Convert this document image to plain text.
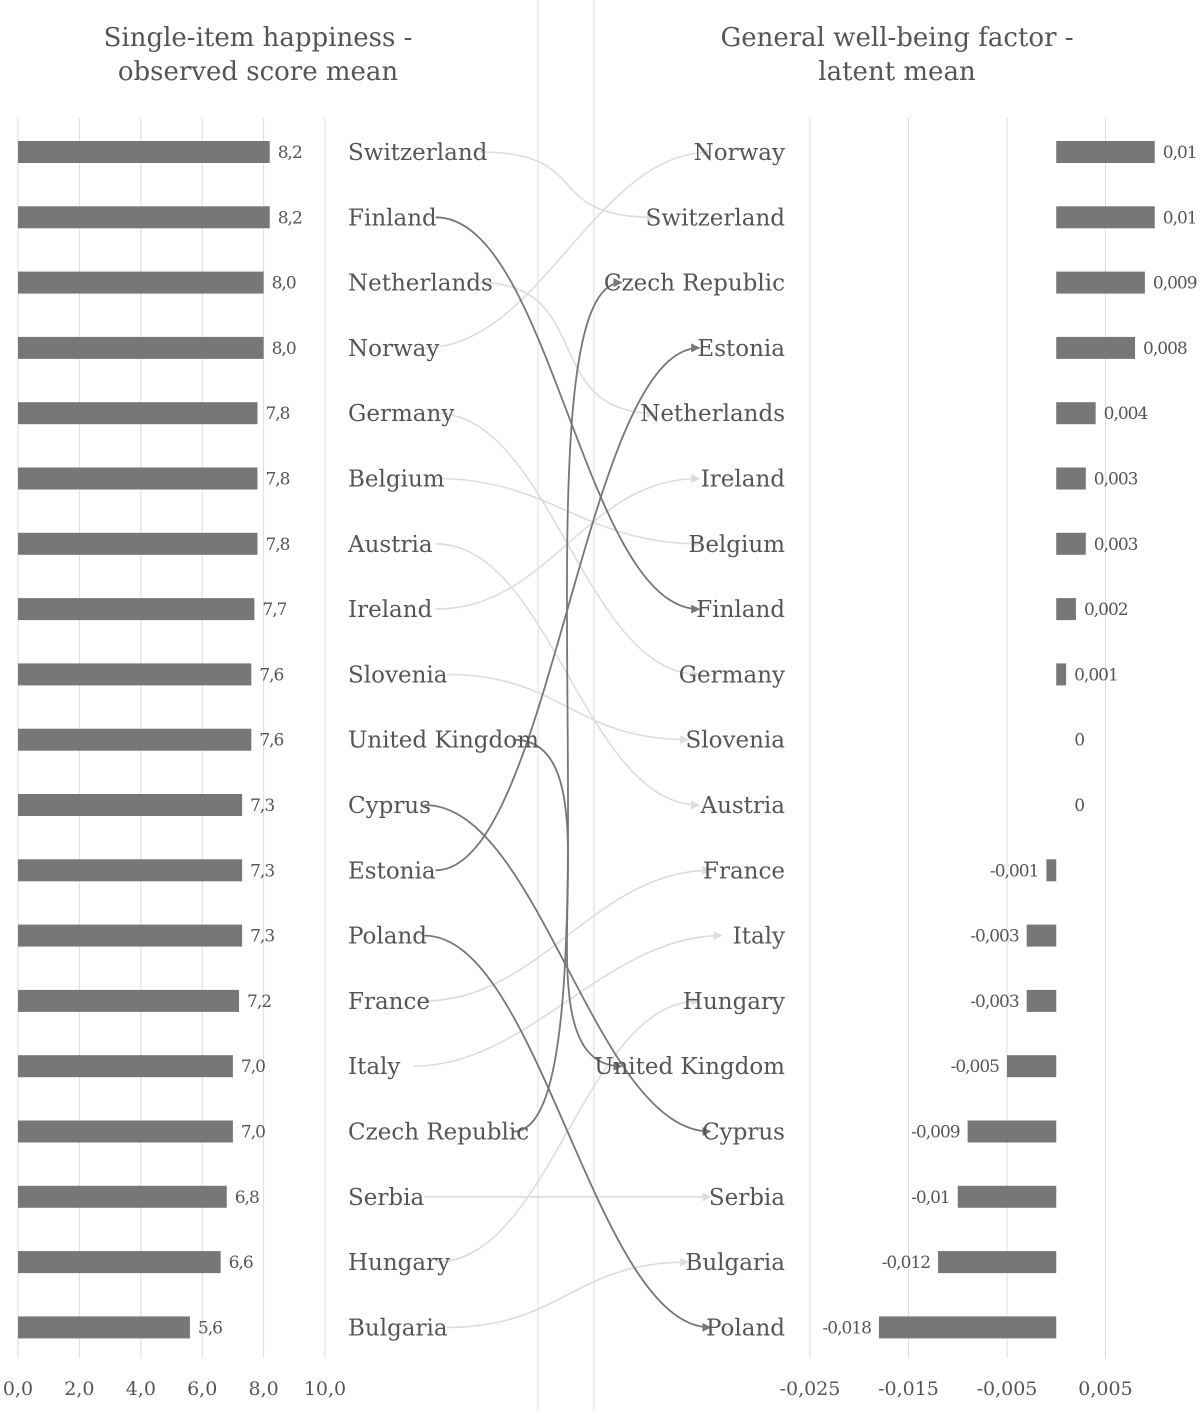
Single-item happiness -
observed score mean
General well-being factor -
latent mean
0,0 2,0 4,0 6,0 8,0 10,0	-0,025 -0,015 -0,005 0,005
8,2 Switzerland
8,2 Finland
8,0 Netherlands
8,0 Norway
7,8	Germany
7,8	Belgium
7,8	Austria
7,7	Ireland
7,6	Slovenia
7,6	United Kingdom
7,3	Cyprus
7,3	Estonia
7,3	Poland
7,2	France
7,0	Italy
7,0	Czech Republic
6,8	Serbia
6,6	Hungary
5,6	Bulgaria
Norway	0,01
Switzerland	0,01
Czech Republic	0,009
Estonia	0,008
Netherlands	0,004
Ireland	0,003
Belgium	0,003
Finland	0,002
Germany	0,001
Slovenia	0
Austria	0
France	-0,001
Italy	-0,003
Hungary	-0,003
United Kingdom	-0,005
Cyprus	-0,009
Serbia	-0,01
Bulgaria	-0,012
Poland -0,018
